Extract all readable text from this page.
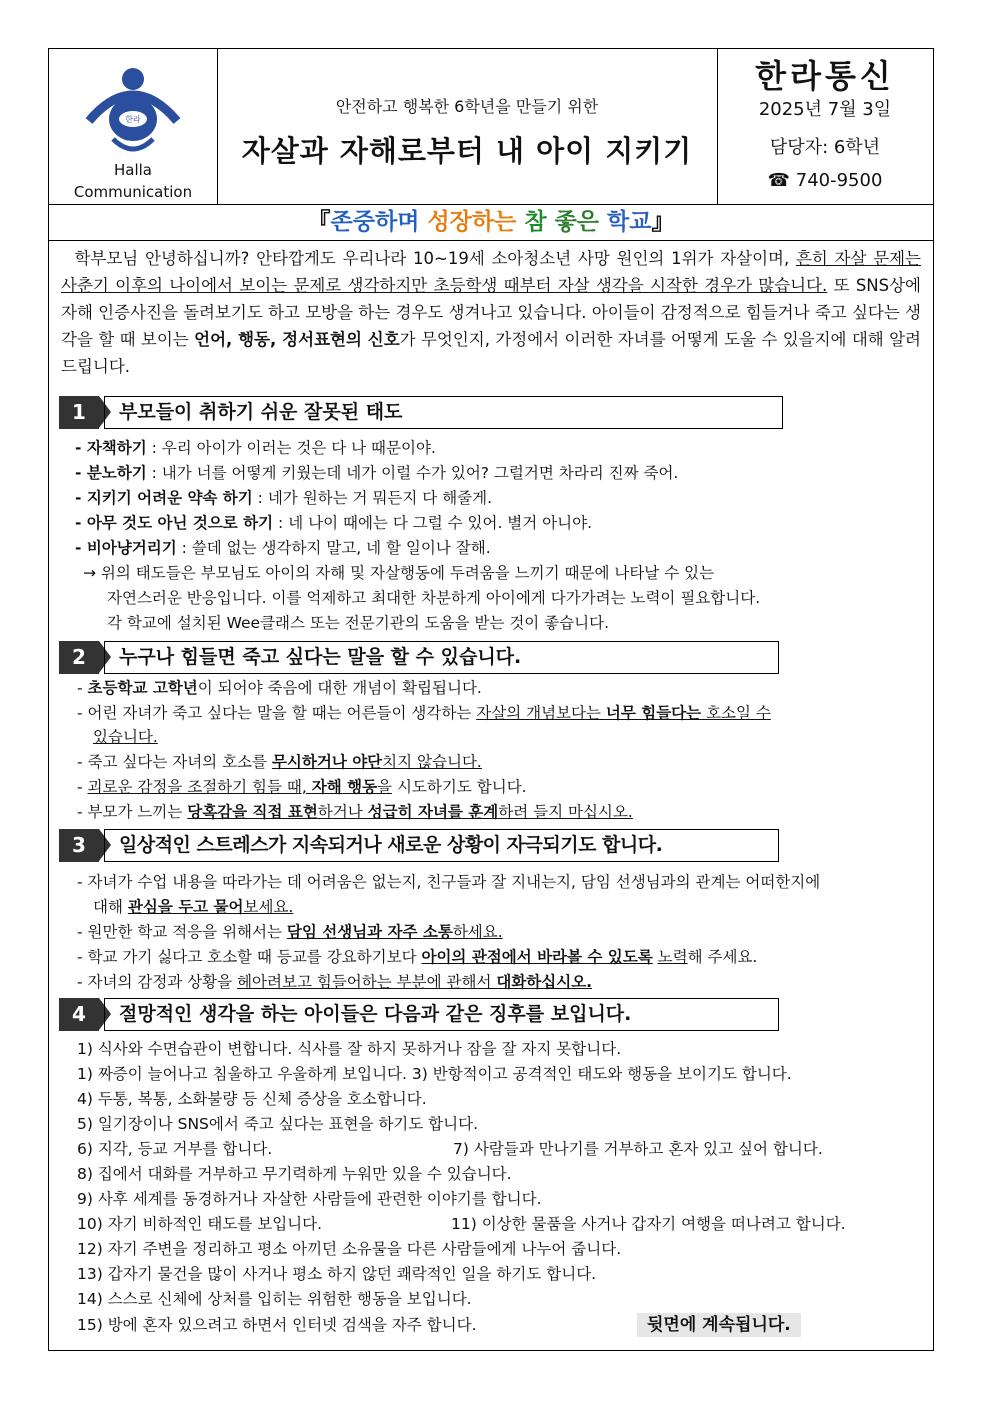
한라
Halla
Communication
안전하고 행복한 6학년을 만들기 위한
자살과 자해로부터 내 아이 지키기
한라통신
2025년 7월 3일
담당자: 6학년
☎ 740-9500
『존중하며 성장하는 참 좋은 학교』

학부모님 안녕하십니까? 안타깝게도 우리나라 10~19세 소아청소년 사망 원인의 1위가 자살이며, 흔히 자살 문제는 사춘기 이후의 나이에서 보이는 문제로 생각하지만 초등학생 때부터 자살 생각을 시작한 경우가 많습니다. 또 SNS상에 자해 인증사진을 돌려보기도 하고 모방을 하는 경우도 생겨나고 있습니다. 아이들이 감정적으로 힘들거나 죽고 싶다는 생각을 할 때 보이는 언어, 행동, 정서표현의 신호가 무엇인지, 가정에서 이러한 자녀를 어떻게 도울 수 있을지에 대해 알려드립니다.

1	부모들이 취하기 쉬운 잘못된 태도
- 자책하기 : 우리 아이가 이러는 것은 다 나 때문이야.
- 분노하기 : 내가 너를 어떻게 키웠는데 네가 이럴 수가 있어? 그럴거면 차라리 진짜 죽어.
- 지키기 어려운 약속 하기 : 네가 원하는 거 뭐든지 다 해줄게.
- 아무 것도 아닌 것으로 하기 : 네 나이 때에는 다 그럴 수 있어. 별거 아니야.
- 비아냥거리기 : 쓸데 없는 생각하지 말고, 네 할 일이나 잘해.
→ 위의 태도들은 부모님도 아이의 자해 및 자살행동에 두려움을 느끼기 때문에 나타날 수 있는
자연스러운 반응입니다. 이를 억제하고 최대한 차분하게 아이에게 다가가려는 노력이 필요합니다.
각 학교에 설치된 Wee클래스 또는 전문기관의 도움을 받는 것이 좋습니다.
2	누구나 힘들면 죽고 싶다는 말을 할 수 있습니다.
- 초등학교 고학년이 되어야 죽음에 대한 개념이 확립됩니다.
- 어린 자녀가 죽고 싶다는 말을 할 때는 어른들이 생각하는 자살의 개념보다는 너무 힘들다는 호소일 수
있습니다.
- 죽고 싶다는 자녀의 호소를 무시하거나 야단치지 않습니다.
- 괴로운 감정을 조절하기 힘들 때, 자해 행동을 시도하기도 합니다.
- 부모가 느끼는 당혹감을 직접 표현하거나 성급히 자녀를 훈계하려 들지 마십시오.
3	일상적인 스트레스가 지속되거나 새로운 상황이 자극되기도 합니다.
- 자녀가 수업 내용을 따라가는 데 어려움은 없는지, 친구들과 잘 지내는지, 담임 선생님과의 관계는 어떠한지에
대해 관심을 두고 물어보세요.
- 원만한 학교 적응을 위해서는 담임 선생님과 자주 소통하세요.
- 학교 가기 싫다고 호소할 때 등교를 강요하기보다 아이의 관점에서 바라볼 수 있도록 노력해 주세요.
- 자녀의 감정과 상황을 헤아려보고 힘들어하는 부분에 관해서 대화하십시오.
4	절망적인 생각을 하는 아이들은 다음과 같은 징후를 보입니다.
1) 식사와 수면습관이 변합니다. 식사를 잘 하지 못하거나 잠을 잘 자지 못합니다.
1) 짜증이 늘어나고 침울하고 우울하게 보입니다. 3) 반항적이고 공격적인 태도와 행동을 보이기도 합니다.
4) 두통, 복통, 소화불량 등 신체 증상을 호소합니다.
5) 일기장이나 SNS에서 죽고 싶다는 표현을 하기도 합니다.
6) 지각, 등교 거부를 합니다.	7) 사람들과 만나기를 거부하고 혼자 있고 싶어 합니다.
8) 집에서 대화를 거부하고 무기력하게 누워만 있을 수 있습니다.
9) 사후 세계를 동경하거나 자살한 사람들에 관련한 이야기를 합니다.
10) 자기 비하적인 태도를 보입니다.	11) 이상한 물품을 사거나 갑자기 여행을 떠나려고 합니다.
12) 자기 주변을 정리하고 평소 아끼던 소유물을 다른 사람들에게 나누어 줍니다.
13) 갑자기 물건을 많이 사거나 평소 하지 않던 쾌락적인 일을 하기도 합니다.
14) 스스로 신체에 상처를 입히는 위험한 행동을 보입니다.
15) 방에 혼자 있으려고 하면서 인터넷 검색을 자주 합니다.	뒷면에 계속됩니다.
